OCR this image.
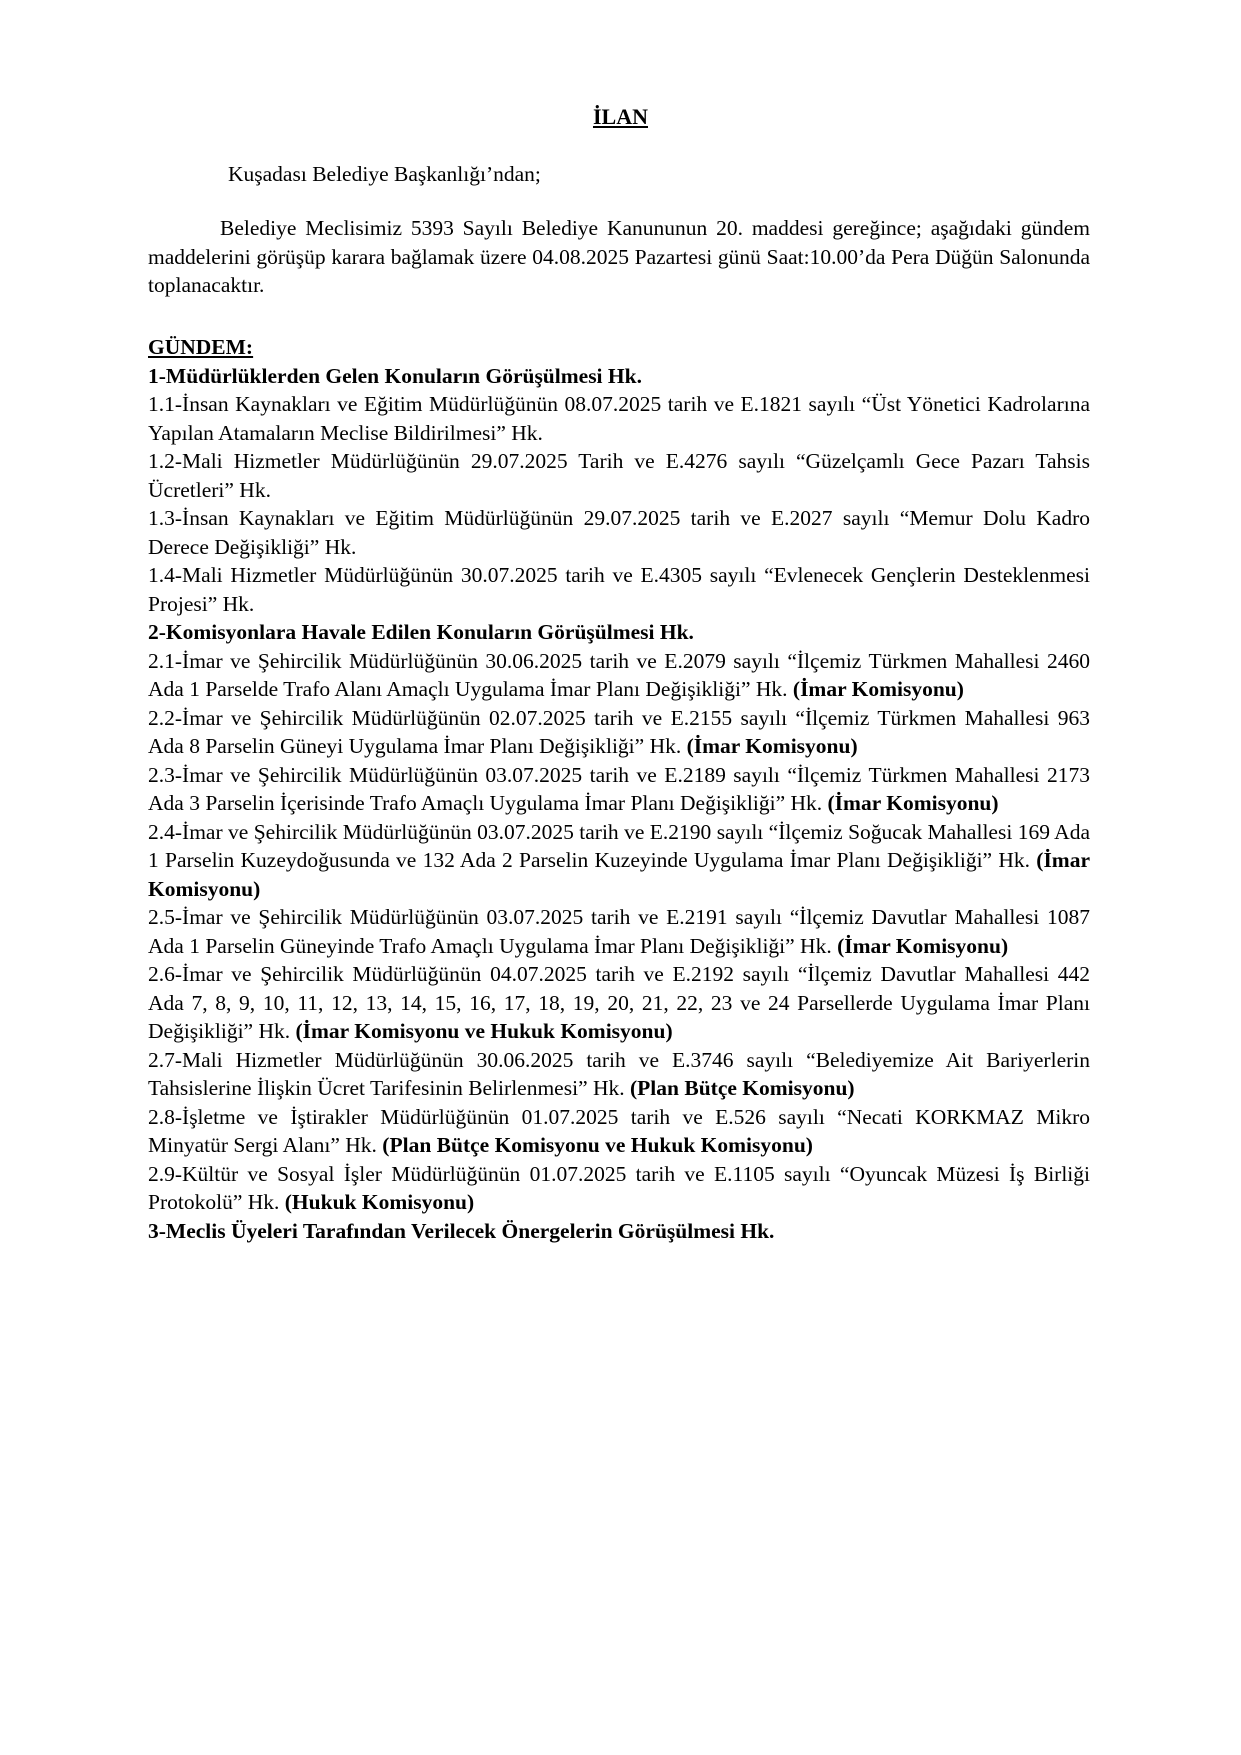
İLAN

Kuşadası Belediye Başkanlığı’ndan;

Belediye Meclisimiz 5393 Sayılı Belediye Kanununun 20. maddesi gereğince; aşağıdaki gündem maddelerini görüşüp karara bağlamak üzere 04.08.2025 Pazartesi günü Saat:10.00’da Pera Düğün Salonunda toplanacaktır.

GÜNDEM:

1-Müdürlüklerden Gelen Konuların Görüşülmesi Hk.

1.1-İnsan Kaynakları ve Eğitim Müdürlüğünün 08.07.2025 tarih ve E.1821 sayılı “Üst Yönetici Kadrolarına Yapılan Atamaların Meclise Bildirilmesi” Hk.

1.2-Mali Hizmetler Müdürlüğünün 29.07.2025 Tarih ve E.4276 sayılı “Güzelçamlı Gece Pazarı Tahsis Ücretleri” Hk.

1.3-İnsan Kaynakları ve Eğitim Müdürlüğünün 29.07.2025 tarih ve E.2027 sayılı “Memur Dolu Kadro Derece Değişikliği” Hk.

1.4-Mali Hizmetler Müdürlüğünün 30.07.2025 tarih ve E.4305 sayılı “Evlenecek Gençlerin Desteklenmesi Projesi” Hk.

2-Komisyonlara Havale Edilen Konuların Görüşülmesi Hk.

2.1-İmar ve Şehircilik Müdürlüğünün 30.06.2025 tarih ve E.2079 sayılı “İlçemiz Türkmen Mahallesi 2460 Ada 1 Parselde Trafo Alanı Amaçlı Uygulama İmar Planı Değişikliği” Hk. (İmar Komisyonu)

2.2-İmar ve Şehircilik Müdürlüğünün 02.07.2025 tarih ve E.2155 sayılı “İlçemiz Türkmen Mahallesi 963 Ada 8 Parselin Güneyi Uygulama İmar Planı Değişikliği” Hk. (İmar Komisyonu)

2.3-İmar ve Şehircilik Müdürlüğünün 03.07.2025 tarih ve E.2189 sayılı “İlçemiz Türkmen Mahallesi 2173 Ada 3 Parselin İçerisinde Trafo Amaçlı Uygulama İmar Planı Değişikliği” Hk. (İmar Komisyonu)

2.4-İmar ve Şehircilik Müdürlüğünün 03.07.2025 tarih ve E.2190 sayılı “İlçemiz Soğucak Mahallesi 169 Ada 1 Parselin Kuzeydoğusunda ve 132 Ada 2 Parselin Kuzeyinde Uygulama İmar Planı Değişikliği” Hk. (İmar Komisyonu)

2.5-İmar ve Şehircilik Müdürlüğünün 03.07.2025 tarih ve E.2191 sayılı “İlçemiz Davutlar Mahallesi 1087 Ada 1 Parselin Güneyinde Trafo Amaçlı Uygulama İmar Planı Değişikliği” Hk. (İmar Komisyonu)

2.6-İmar ve Şehircilik Müdürlüğünün 04.07.2025 tarih ve E.2192 sayılı “İlçemiz Davutlar Mahallesi 442 Ada 7, 8, 9, 10, 11, 12, 13, 14, 15, 16, 17, 18, 19, 20, 21, 22, 23 ve 24 Parsellerde Uygulama İmar Planı Değişikliği” Hk. (İmar Komisyonu ve Hukuk Komisyonu)

2.7-Mali Hizmetler Müdürlüğünün 30.06.2025 tarih ve E.3746 sayılı “Belediyemize Ait Bariyerlerin Tahsislerine İlişkin Ücret Tarifesinin Belirlenmesi” Hk. (Plan Bütçe Komisyonu)

2.8-İşletme ve İştirakler Müdürlüğünün 01.07.2025 tarih ve E.526 sayılı “Necati KORKMAZ Mikro Minyatür Sergi Alanı” Hk. (Plan Bütçe Komisyonu ve Hukuk Komisyonu)

2.9-Kültür ve Sosyal İşler Müdürlüğünün 01.07.2025 tarih ve E.1105 sayılı “Oyuncak Müzesi İş Birliği Protokolü” Hk. (Hukuk Komisyonu)

3-Meclis Üyeleri Tarafından Verilecek Önergelerin Görüşülmesi Hk.
